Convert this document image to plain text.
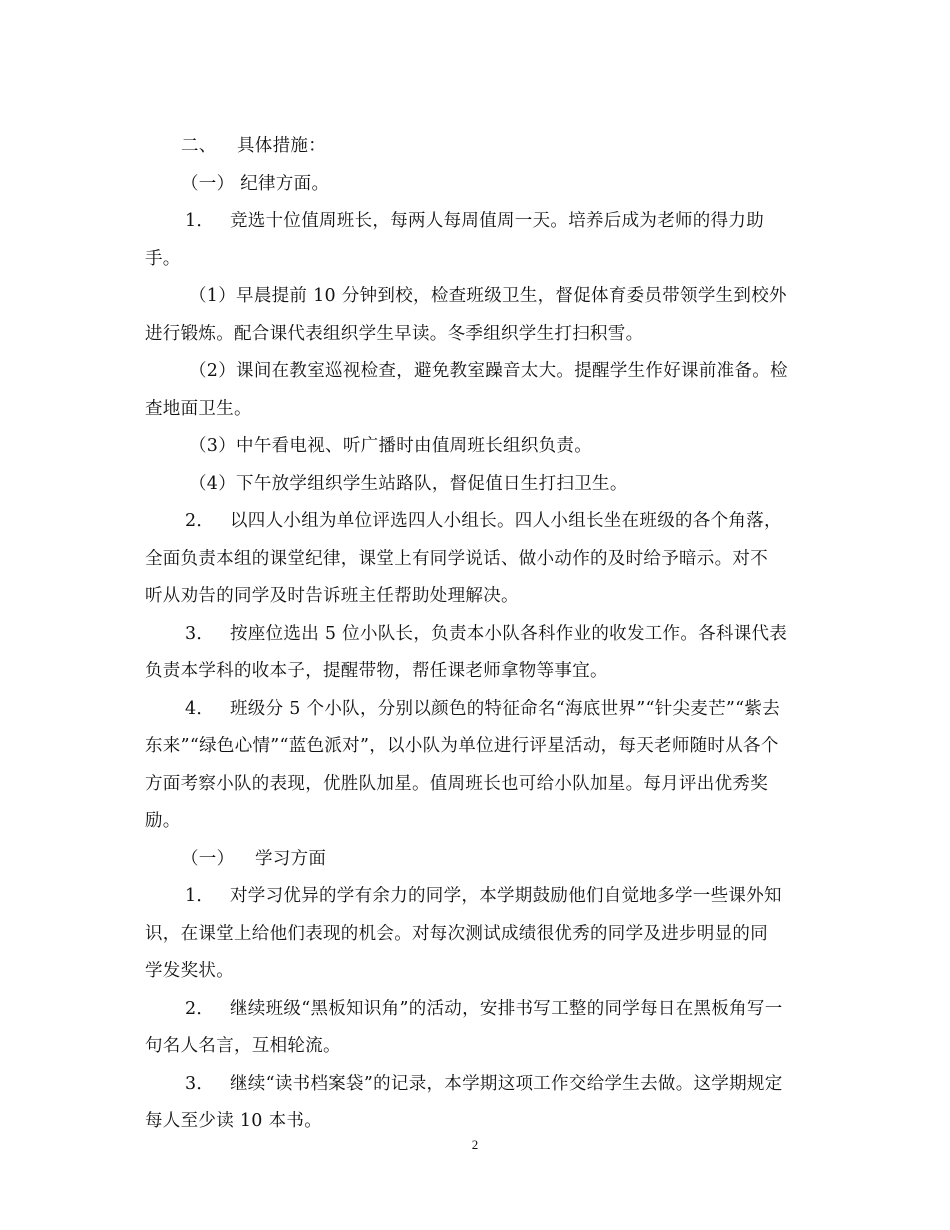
二、 具体措施：
（一） 纪律方面。
1． 竞选十位值周班长，每两人每周值周一天。培养后成为老师的得力助
手。
（1）早晨提前 10 分钟到校，检查班级卫生，督促体育委员带领学生到校外
进行锻炼。配合课代表组织学生早读。冬季组织学生打扫积雪。
（2）课间在教室巡视检查，避免教室躁音太大。提醒学生作好课前准备。检
查地面卫生。
（3）中午看电视、听广播时由值周班长组织负责。
（4）下午放学组织学生站路队，督促值日生打扫卫生。
2． 以四人小组为单位评选四人小组长。四人小组长坐在班级的各个角落，
全面负责本组的课堂纪律，课堂上有同学说话、做小动作的及时给予暗示。对不
听从劝告的同学及时告诉班主任帮助处理解决。
3． 按座位选出 5 位小队长，负责本小队各科作业的收发工作。各科课代表
负责本学科的收本子，提醒带物，帮任课老师拿物等事宜。
4． 班级分 5 个小队，分别以颜色的特征命名“海底世界”“针尖麦芒”“紫去
东来”“绿色心情”“蓝色派对”，以小队为单位进行评星活动，每天老师随时从各个
方面考察小队的表现，优胜队加星。值周班长也可给小队加星。每月评出优秀奖
励。
（一） 学习方面
1． 对学习优异的学有余力的同学，本学期鼓励他们自觉地多学一些课外知
识，在课堂上给他们表现的机会。对每次测试成绩很优秀的同学及进步明显的同
学发奖状。
2． 继续班级“黑板知识角”的活动，安排书写工整的同学每日在黑板角写一
句名人名言，互相轮流。
3． 继续“读书档案袋”的记录，本学期这项工作交给学生去做。这学期规定
每人至少读 10 本书。
2
